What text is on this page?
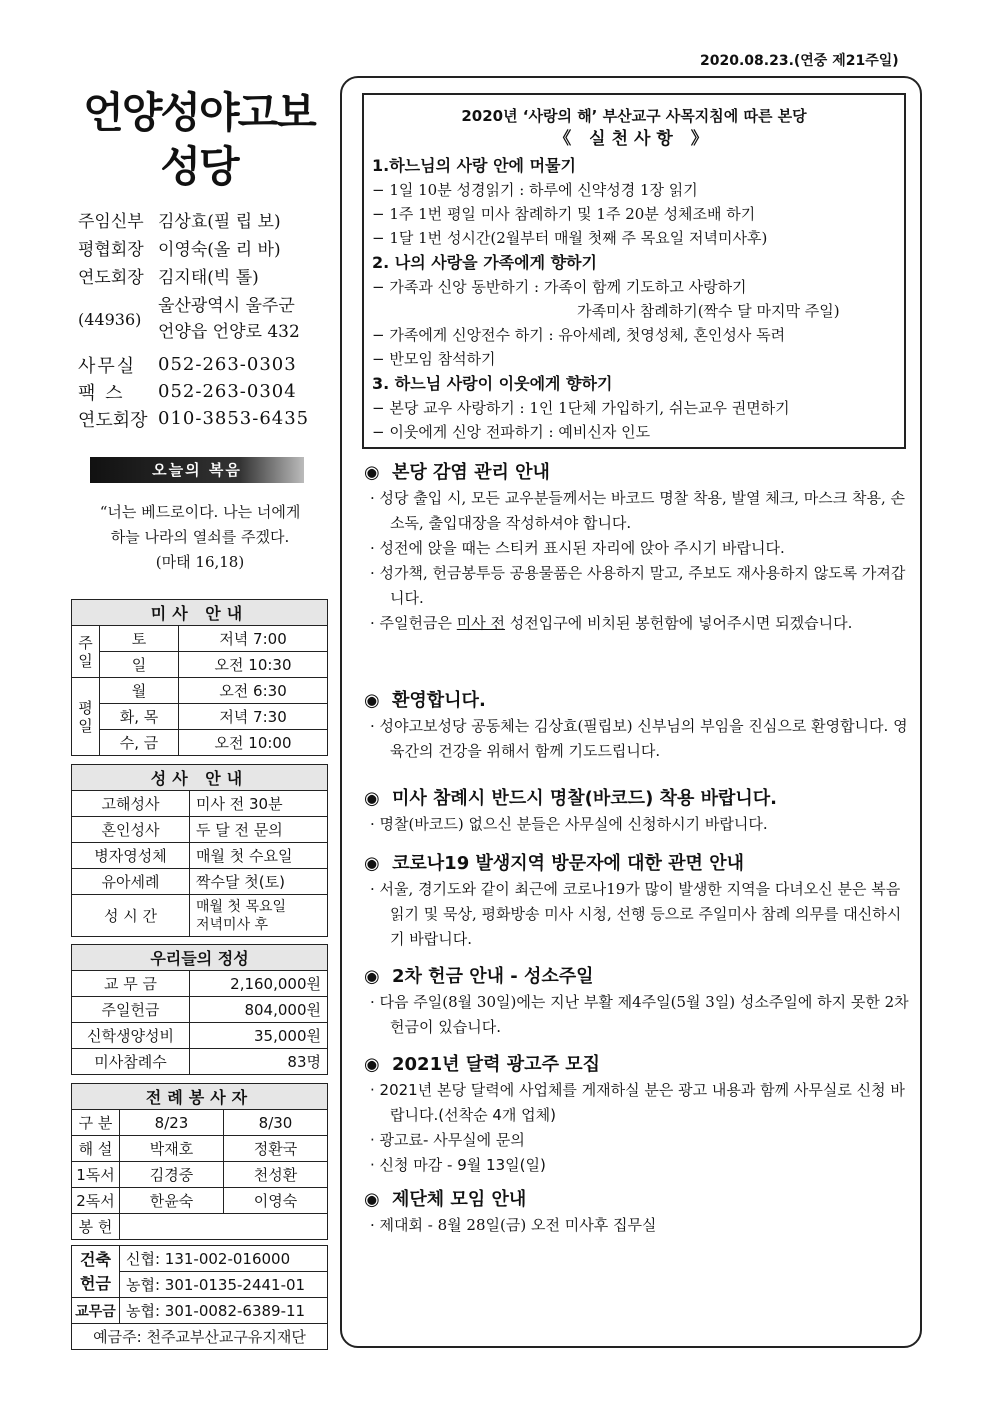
2020.08.23.(연중 제21주일)
언양성야고보
성당
주임신부 김상효(필 립 보)
평협회장 이영숙(올 리 바)
연도회장 김지태(빅 톨)
(44936)
울산광역시 울주군
언양읍 언양로 432
사무실	052-263-0303
팩 스	052-263-0304
연도회장 010-3853-6435
오늘의 복음
“너는 베드로이다. 나는 너에게
하늘 나라의 열쇠를 주겠다.
(마태 16,18)
미사 안내		
주일	토	저녁 7:00
	일	오전 10:30
평일	월	오전 6:30
	화, 목	저녁 7:30
	수, 금	오전 10:00
성사 안내	
고해성사	미사 전 30분
혼인성사	두 달 전 문의
병자영성체	매월 첫 수요일
유아세례	짝수달 첫(토)
성 시 간	매월 첫 목요일
저녁미사 후
우리들의 정성	
교 무 금	2,160,000원
주일헌금	804,000원
신학생양성비	35,000원
미사참례수	83명
전례봉사자		
구 분	8/23	8/30
해 설	박재호	정환국
1독서	김경중	천성환
2독서	한윤숙	이영숙
봉 헌		
건축
헌금	신협: 131-002-016000
	농협: 301-0135-2441-01
교무금	농협: 301-0082-6389-11
예금주: 천주교부산교구유지재단	
2020년 ‘사랑의 해’ 부산교구 사목지침에 따른 본당
《 실천사항 》
1.하느님의 사랑 안에 머물기
− 1일 10분 성경읽기 : 하루에 신약성경 1장 읽기
− 1주 1번 평일 미사 참례하기 및 1주 20분 성체조배 하기
− 1달 1번 성시간(2월부터 매월 첫째 주 목요일 저녁미사후)
2. 나의 사랑을 가족에게 향하기
− 가족과 신앙 동반하기 : 가족이 함께 기도하고 사랑하기
가족미사 참례하기(짝수 달 마지막 주일)
− 가족에게 신앙전수 하기 : 유아세례, 첫영성체, 혼인성사 독려
− 반모임 참석하기
3. 하느님 사랑이 이웃에게 향하기
− 본당 교우 사랑하기 : 1인 1단체 가입하기, 쉬는교우 권면하기
− 이웃에게 신앙 전파하기 : 예비신자 인도
◉ 본당 감염 관리 안내
· 성당 출입 시, 모든 교우분들께서는 바코드 명찰 착용, 발열 체크, 마스크 착용, 손소독, 출입대장을 작성하셔야 합니다.
· 성전에 앉을 때는 스티커 표시된 자리에 앉아 주시기 바랍니다.
· 성가책, 헌금봉투등 공용물품은 사용하지 말고, 주보도 재사용하지 않도록 가져갑니다.
· 주일헌금은 미사 전 성전입구에 비치된 봉헌함에 넣어주시면 되겠습니다.
◉ 환영합니다.
· 성야고보성당 공동체는 김상효(필립보) 신부님의 부임을 진심으로 환영합니다. 영육간의 건강을 위해서 함께 기도드립니다.
◉ 미사 참례시 반드시 명찰(바코드) 착용 바랍니다.
· 명찰(바코드) 없으신 분들은 사무실에 신청하시기 바랍니다.
◉ 코로나19 발생지역 방문자에 대한 관면 안내
· 서울, 경기도와 같이 최근에 코로나19가 많이 발생한 지역을 다녀오신 분은 복음 읽기 및 묵상, 평화방송 미사 시청, 선행 등으로 주일미사 참례 의무를 대신하시기 바랍니다.
◉ 2차 헌금 안내 - 성소주일
· 다음 주일(8월 30일)에는 지난 부활 제4주일(5월 3일) 성소주일에 하지 못한 2차 헌금이 있습니다.
◉ 2021년 달력 광고주 모집
· 2021년 본당 달력에 사업체를 게재하실 분은 광고 내용과 함께 사무실로 신청 바랍니다.(선착순 4개 업체)
· 광고료- 사무실에 문의
· 신청 마감 - 9월 13일(일)
◉ 제단체 모임 안내
· 제대회 - 8월 28일(금) 오전 미사후 집무실
